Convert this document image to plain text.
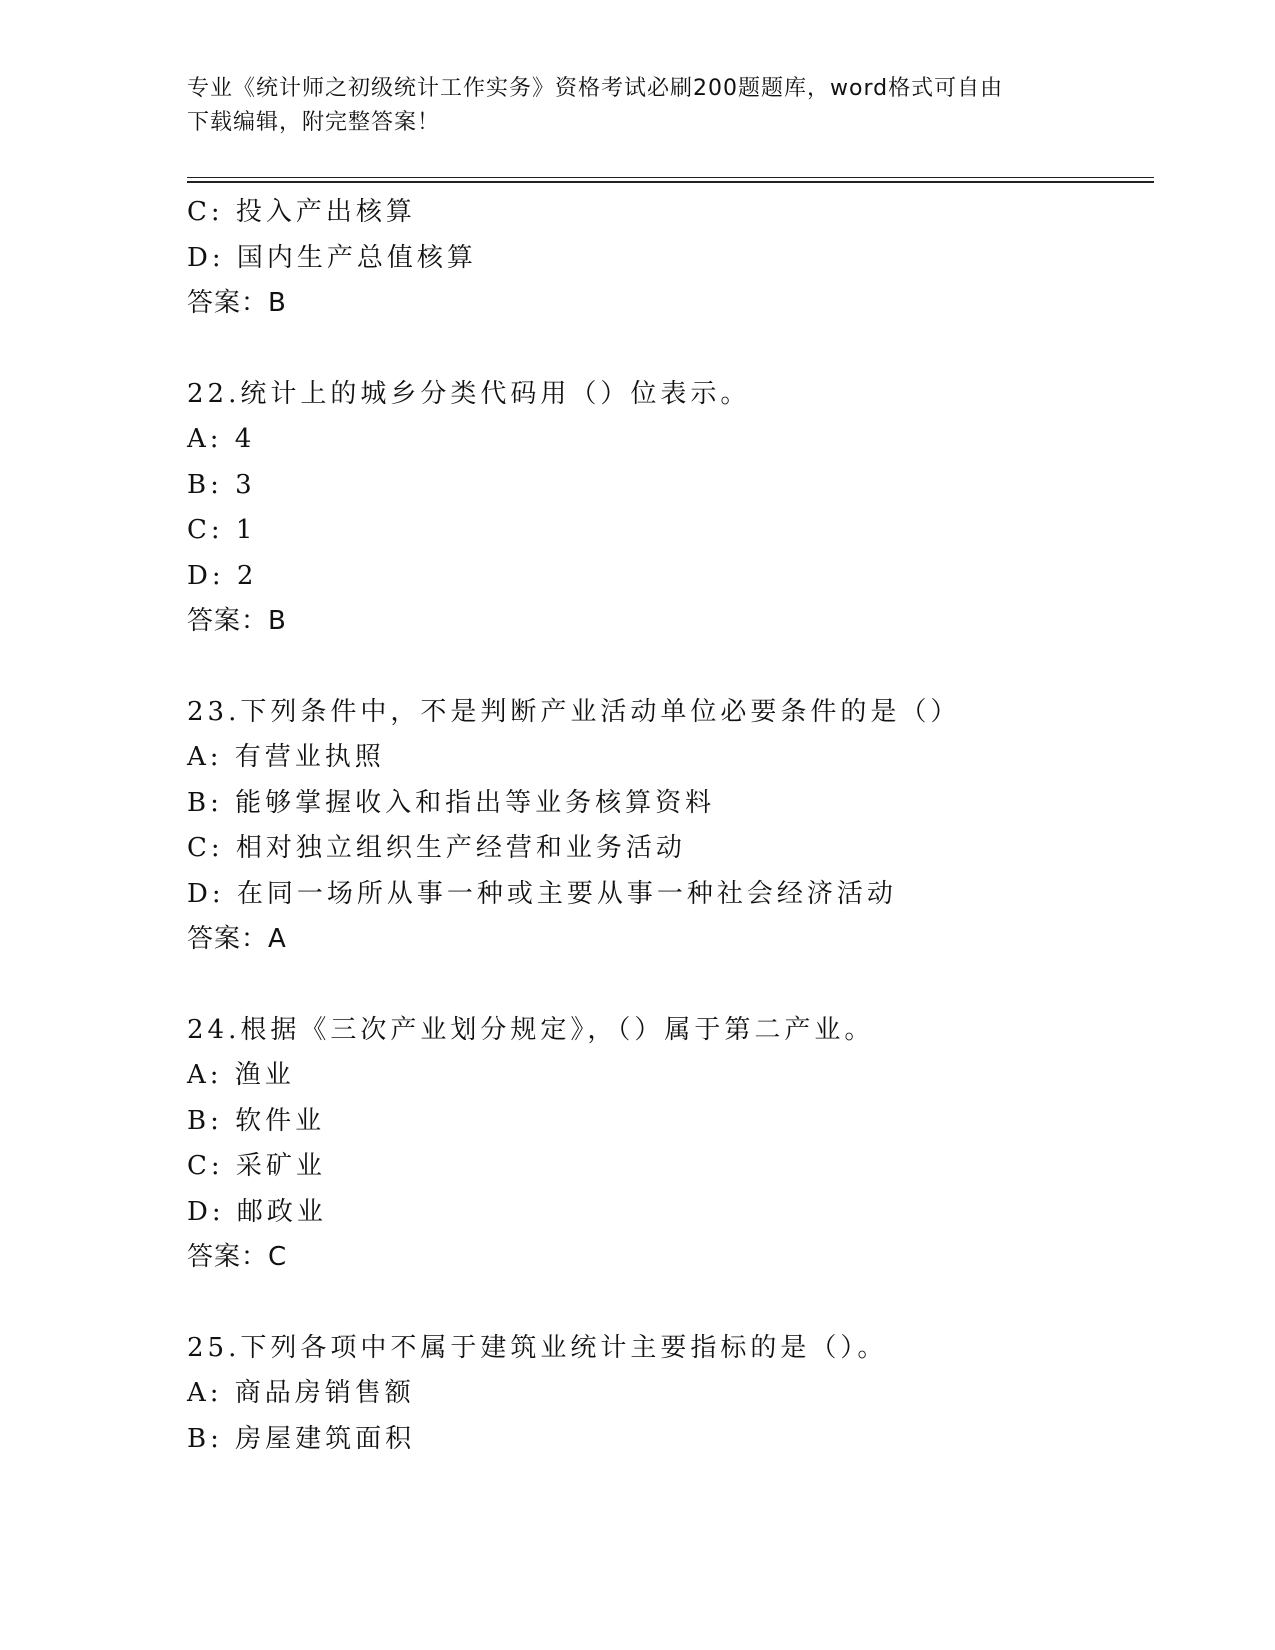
专业《统计师之初级统计工作实务》资格考试必刷200题题库，word格式可自由
下载编辑，附完整答案！
C: 投入产出核算
D: 国内生产总值核算
答案：B
22.统计上的城乡分类代码用（）位表示。
A: 4
B: 3
C: 1
D: 2
答案：B
23.下列条件中，不是判断产业活动单位必要条件的是（）
A: 有营业执照
B: 能够掌握收入和指出等业务核算资料
C: 相对独立组织生产经营和业务活动
D: 在同一场所从事一种或主要从事一种社会经济活动
答案：A
24.根据《三次产业划分规定》，（）属于第二产业。
A: 渔业
B: 软件业
C: 采矿业
D: 邮政业
答案：C
25.下列各项中不属于建筑业统计主要指标的是（）。
A: 商品房销售额
B: 房屋建筑面积
